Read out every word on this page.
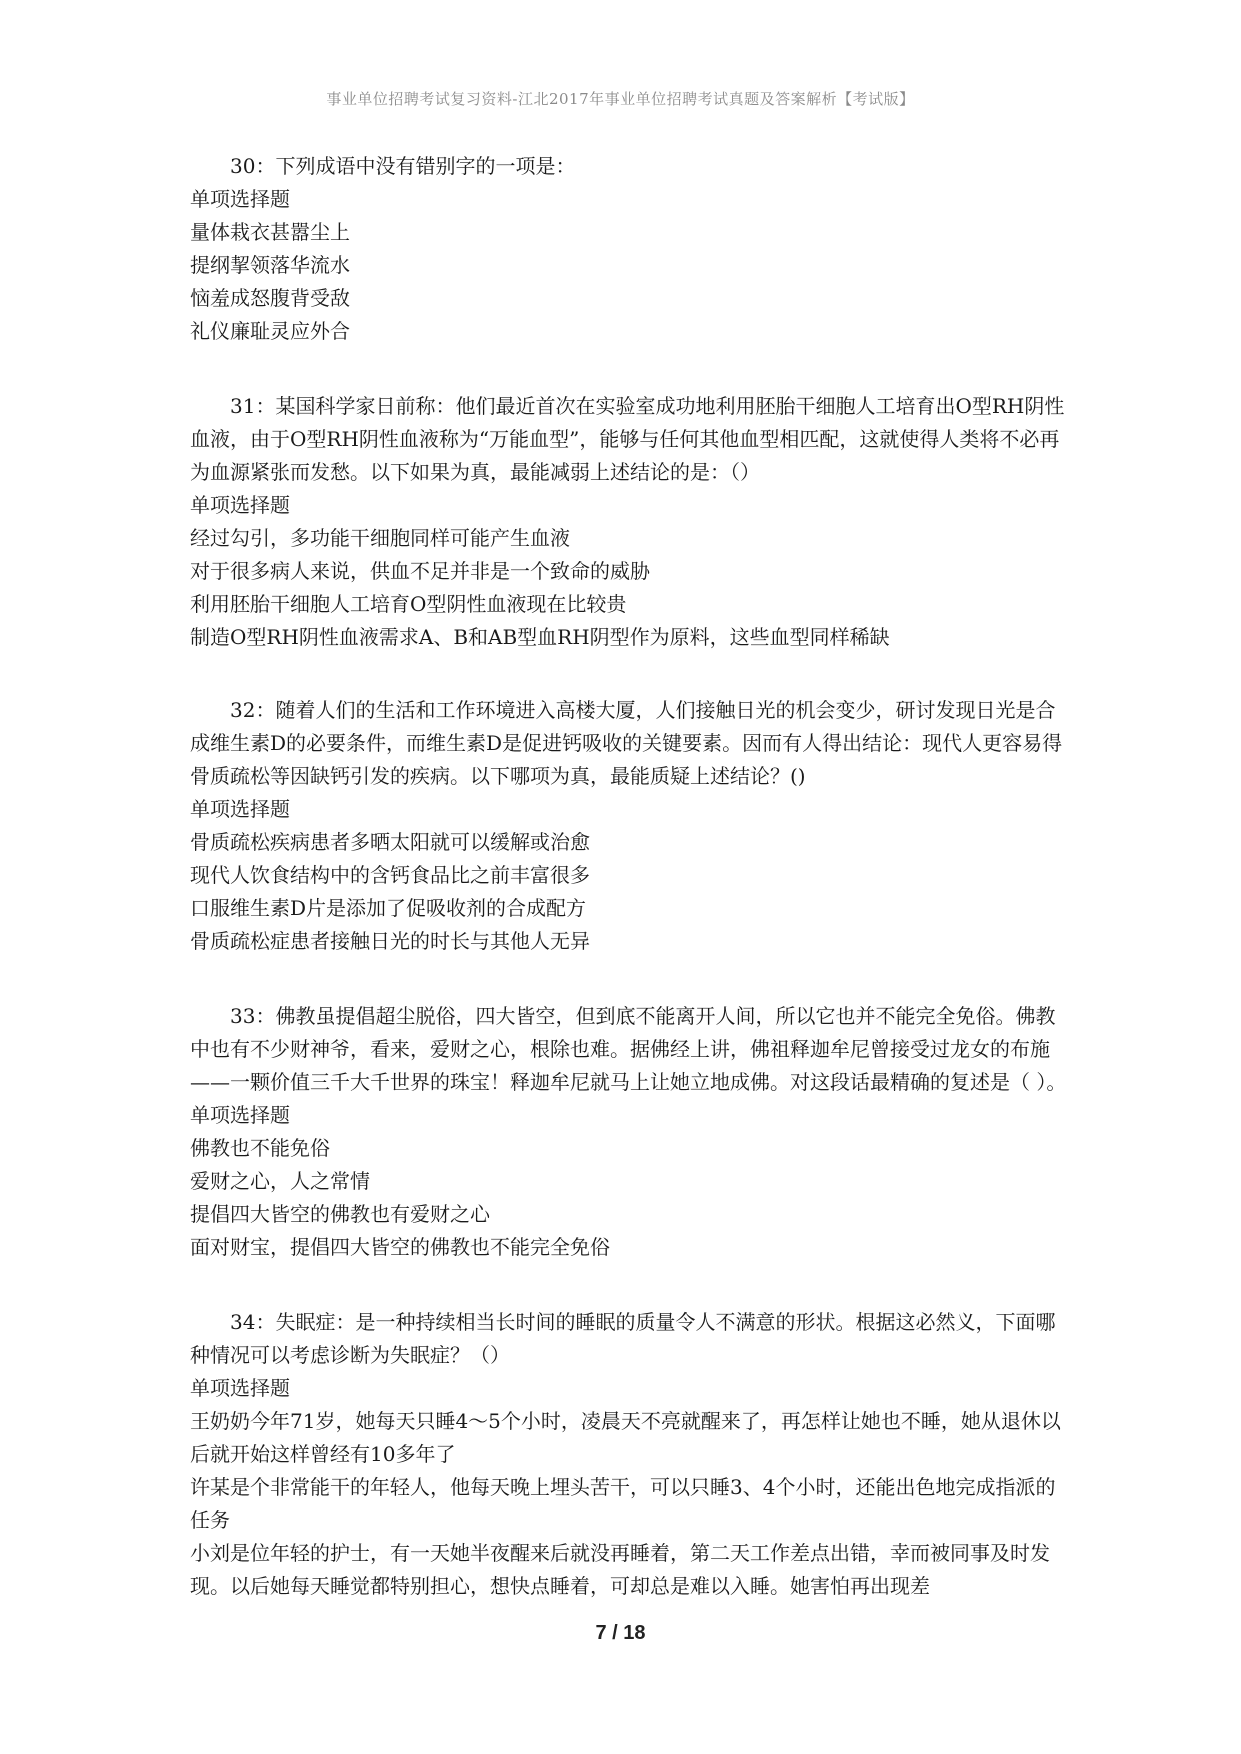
事业单位招聘考试复习资料-江北2017年事业单位招聘考试真题及答案解析【考试版】

30：下列成语中没有错别字的一项是：

单项选择题

量体栽衣甚嚣尘上

提纲挈领落华流水

恼羞成怒腹背受敌

礼仪廉耻灵应外合

31：某国科学家日前称：他们最近首次在实验室成功地利用胚胎干细胞人工培育出O型RH阴性血液，由于O型RH阴性血液称为“万能血型”，能够与任何其他血型相匹配，这就使得人类将不必再为血源紧张而发愁。以下如果为真，最能减弱上述结论的是：（）

单项选择题

经过勾引，多功能干细胞同样可能产生血液

对于很多病人来说，供血不足并非是一个致命的威胁

利用胚胎干细胞人工培育O型阴性血液现在比较贵

制造O型RH阴性血液需求A、B和AB型血RH阴型作为原料，这些血型同样稀缺

32：随着人们的生活和工作环境进入高楼大厦，人们接触日光的机会变少，研讨发现日光是合成维生素D的必要条件，而维生素D是促进钙吸收的关键要素。因而有人得出结论：现代人更容易得骨质疏松等因缺钙引发的疾病。以下哪项为真，最能质疑上述结论？()

单项选择题

骨质疏松疾病患者多晒太阳就可以缓解或治愈

现代人饮食结构中的含钙食品比之前丰富很多

口服维生素D片是添加了促吸收剂的合成配方

骨质疏松症患者接触日光的时长与其他人无异

33：佛教虽提倡超尘脱俗，四大皆空，但到底不能离开人间，所以它也并不能完全免俗。佛教中也有不少财神爷，看来，爱财之心，根除也难。据佛经上讲，佛祖释迦牟尼曾接受过龙女的布施——一颗价值三千大千世界的珠宝！释迦牟尼就马上让她立地成佛。对这段话最精确的复述是（ ）。

单项选择题

佛教也不能免俗

爱财之心，人之常情

提倡四大皆空的佛教也有爱财之心

面对财宝，提倡四大皆空的佛教也不能完全免俗

34：失眠症：是一种持续相当长时间的睡眠的质量令人不满意的形状。根据这必然义，下面哪种情况可以考虑诊断为失眠症？（）

单项选择题

王奶奶今年71岁，她每天只睡4～5个小时，凌晨天不亮就醒来了，再怎样让她也不睡，她从退休以后就开始这样曾经有10多年了

许某是个非常能干的年轻人，他每天晚上埋头苦干，可以只睡3、4个小时，还能出色地完成指派的任务

小刘是位年轻的护士，有一天她半夜醒来后就没再睡着，第二天工作差点出错，幸而被同事及时发现。以后她每天睡觉都特别担心，想快点睡着，可却总是难以入睡。她害怕再出现差

7 / 18
